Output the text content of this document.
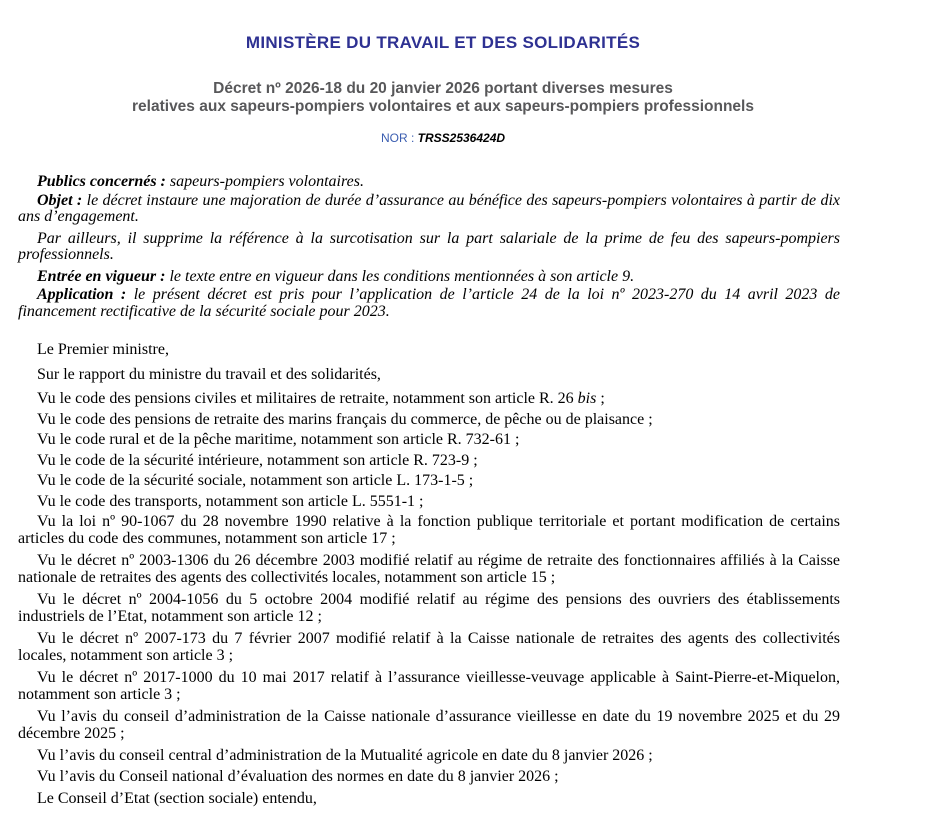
MINISTÈRE DU TRAVAIL ET DES SOLIDARITÉS
Décret nº 2026-18 du 20 janvier 2026 portant diverses mesures
relatives aux sapeurs-pompiers volontaires et aux sapeurs-pompiers professionnels
NOR : TRSS2536424D

Publics concernés : sapeurs-pompiers volontaires.

Objet : le décret instaure une majoration de durée d’assurance au bénéfice des sapeurs-pompiers volontaires à partir de dix ans d’engagement.

Par ailleurs, il supprime la référence à la surcotisation sur la part salariale de la prime de feu des sapeurs-pompiers professionnels.

Entrée en vigueur : le texte entre en vigueur dans les conditions mentionnées à son article 9.

Application : le présent décret est pris pour l’application de l’article 24 de la loi nº 2023-270 du 14 avril 2023 de financement rectificative de la sécurité sociale pour 2023.

Le Premier ministre,

Sur le rapport du ministre du travail et des solidarités,

Vu le code des pensions civiles et militaires de retraite, notamment son article R. 26 bis ;

Vu le code des pensions de retraite des marins français du commerce, de pêche ou de plaisance ;

Vu le code rural et de la pêche maritime, notamment son article R. 732-61 ;

Vu le code de la sécurité intérieure, notamment son article R. 723-9 ;

Vu le code de la sécurité sociale, notamment son article L. 173-1-5 ;

Vu le code des transports, notamment son article L. 5551-1 ;

Vu la loi nº 90-1067 du 28 novembre 1990 relative à la fonction publique territoriale et portant modification de certains articles du code des communes, notamment son article 17 ;

Vu le décret nº 2003-1306 du 26 décembre 2003 modifié relatif au régime de retraite des fonctionnaires affiliés à la Caisse nationale de retraites des agents des collectivités locales, notamment son article 15 ;

Vu le décret nº 2004-1056 du 5 octobre 2004 modifié relatif au régime des pensions des ouvriers des établissements industriels de l’Etat, notamment son article 12 ;

Vu le décret nº 2007-173 du 7 février 2007 modifié relatif à la Caisse nationale de retraites des agents des collectivités locales, notamment son article 3 ;

Vu le décret nº 2017-1000 du 10 mai 2017 relatif à l’assurance vieillesse-veuvage applicable à Saint-Pierre-et-Miquelon, notamment son article 3 ;

Vu l’avis du conseil d’administration de la Caisse nationale d’assurance vieillesse en date du 19 novembre 2025 et du 29 décembre 2025 ;

Vu l’avis du conseil central d’administration de la Mutualité agricole en date du 8 janvier 2026 ;

Vu l’avis du Conseil national d’évaluation des normes en date du 8 janvier 2026 ;

Le Conseil d’Etat (section sociale) entendu,
